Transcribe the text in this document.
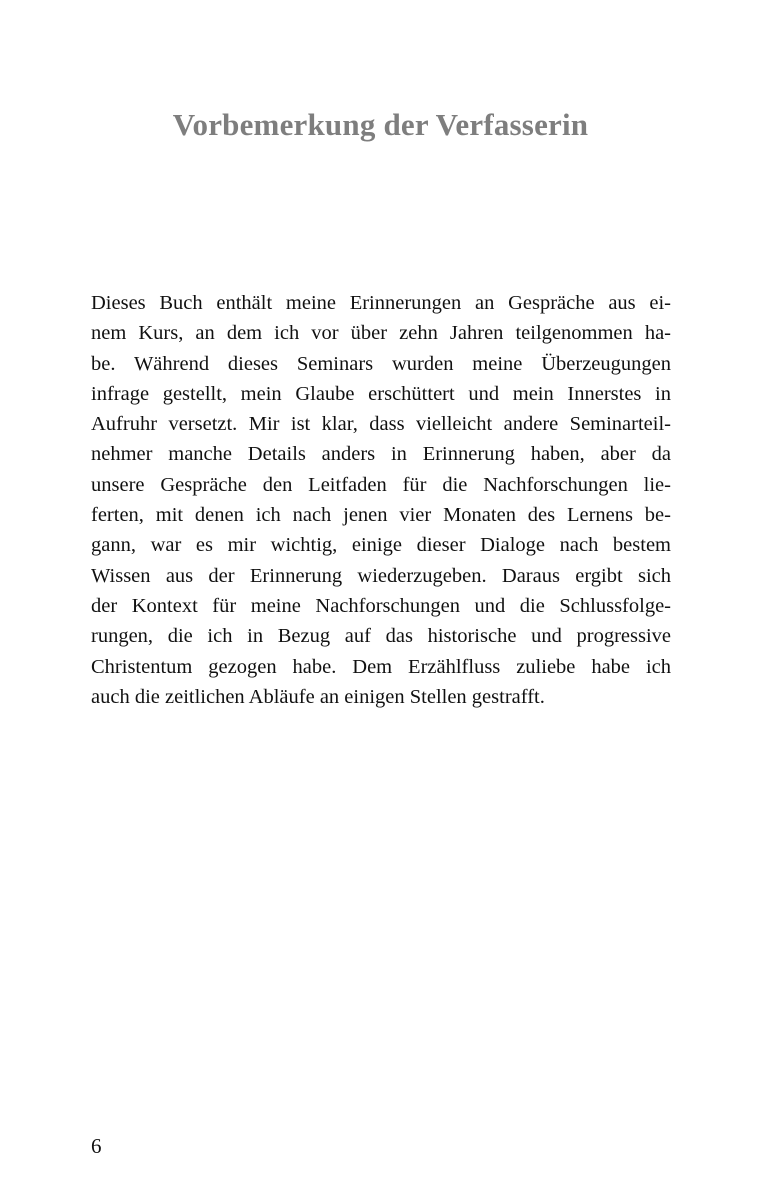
Vorbemerkung der Verfasserin
Dieses Buch enthält meine Erinnerungen an Gespräche aus ei-
nem Kurs, an dem ich vor über zehn Jahren teilgenommen ha-
be. Während dieses Seminars wurden meine Überzeugungen
infrage gestellt, mein Glaube erschüttert und mein Innerstes in
Aufruhr versetzt. Mir ist klar, dass vielleicht andere Seminarteil-
nehmer manche Details anders in Erinnerung haben, aber da
unsere Gespräche den Leitfaden für die Nachforschungen lie-
ferten, mit denen ich nach jenen vier Monaten des Lernens be-
gann, war es mir wichtig, einige dieser Dialoge nach bestem
Wissen aus der Erinnerung wiederzugeben. Daraus ergibt sich
der Kontext für meine Nachforschungen und die Schlussfolge-
rungen, die ich in Bezug auf das historische und progressive
Christentum gezogen habe. Dem Erzählfluss zuliebe habe ich
auch die zeitlichen Abläufe an einigen Stellen gestrafft.
6
